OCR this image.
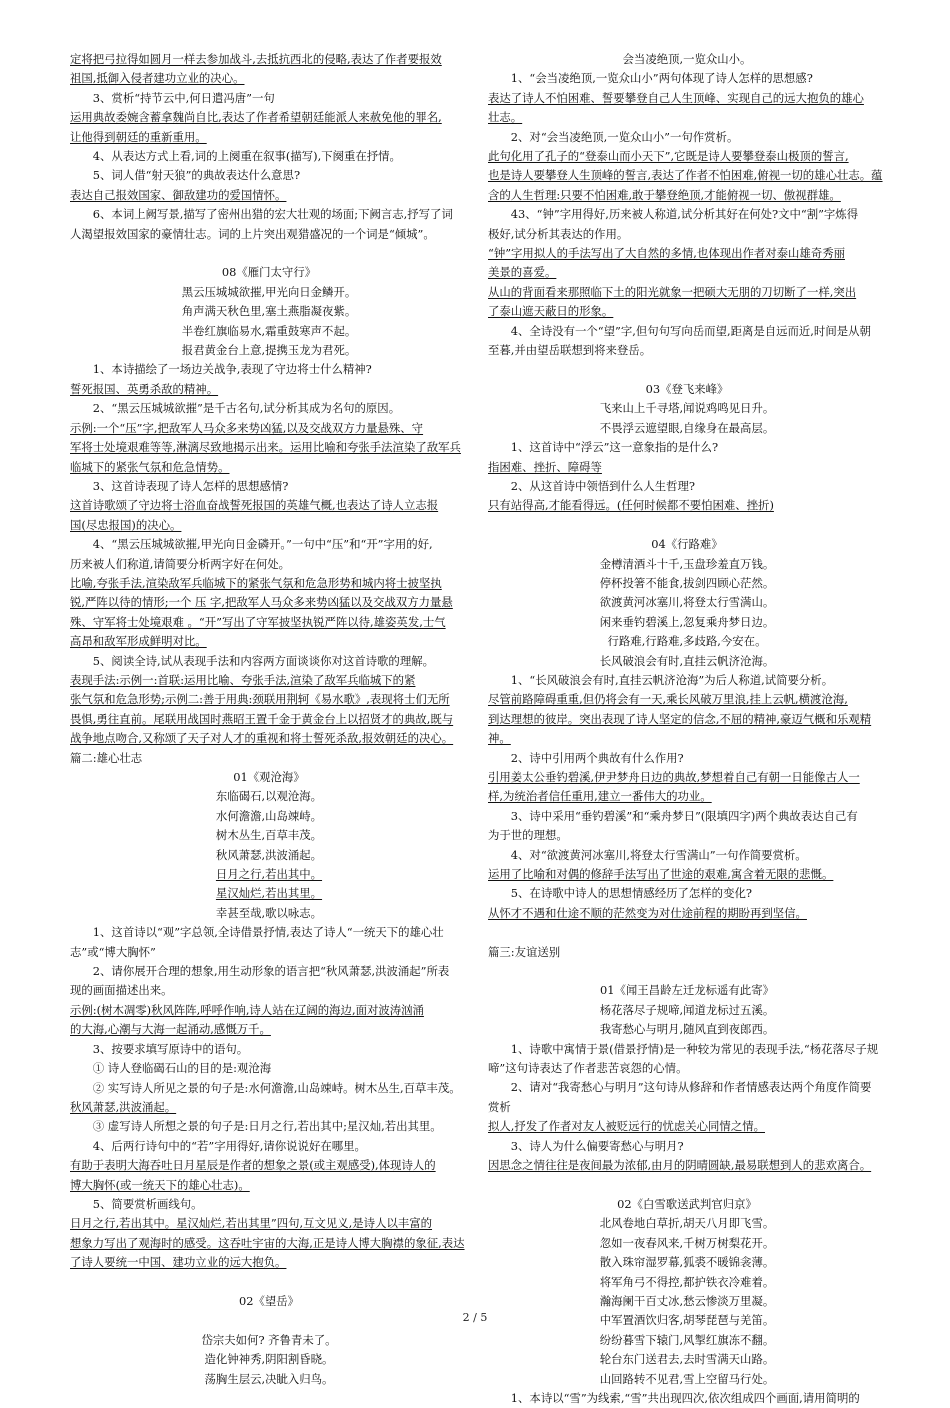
定将把弓拉得如圆月一样去参加战斗,去抵抗西北的侵略,表达了作者要报效

祖国,抵御入侵者建功立业的决心。

3、赏析“持节云中,何日遣冯唐”一句

运用典故委婉含蓄拿魏尚自比,表达了作者希望朝廷能派人来赦免他的罪名,

让他得到朝廷的重新重用。

4、从表达方式上看,词的上阕重在叙事(描写),下阕重在抒情。

5、词人借“射天狼”的典故表达什么意思?

表达自己报效国家、御敌建功的爱国情怀。

6、本词上阙写景,描写了密州出猎的宏大壮观的场面;下阙言志,抒写了词

人渴望报效国家的豪情壮志。词的上片突出观猎盛况的一个词是“倾城”。

08《雁门太守行》

黑云压城城欲摧,甲光向日金鳞开。

角声满天秋色里,塞土燕脂凝夜紫。

半卷红旗临易水,霜重鼓寒声不起。

报君黄金台上意,提携玉龙为君死。

1、本诗描绘了一场边关战争,表现了守边将士什么精神?

誓死报国、英勇杀敌的精神。

2、“黑云压城城欲摧”是千古名句,试分析其成为名句的原因。

示例:一个“压”字,把敌军人马众多来势凶猛,以及交战双方力量悬殊、守

军将士处境艰难等等,淋漓尽致地揭示出来。运用比喻和夸张手法渲染了敌军兵

临城下的紧张气氛和危急情势。

3、这首诗表现了诗人怎样的思想感情?

这首诗歌颂了守边将士浴血奋战誓死报国的英雄气概,也表达了诗人立志报

国(尽忠报国)的决心。

4、“黑云压城城欲摧,甲光向日金磷开。”一句中“压”和“开”字用的好,

历来被人们称道,请简要分析两字好在何处。

比喻,夸张手法,渲染敌军兵临城下的紧张气氛和危急形势和城内将士披坚执

锐,严阵以待的情形;一个 压 字,把敌军人马众多来势凶猛以及交战双方力量悬

殊、守军将士处境艰难 。“开”写出了守军披坚执锐严阵以待,雄姿英发,士气

高昂和敌军形成鲜明对比。

5、阅读全诗,试从表现手法和内容两方面谈谈你对这首诗歌的理解。

表现手法:示例一:首联:运用比喻、夸张手法,渲染了敌军兵临城下的紧

张气氛和危急形势;示例二:善于用典:颈联用荆轲《易水歌》,表现将士们无所

畏惧,勇往直前。尾联用战国时燕昭王置千金于黄金台上以招贤才的典故,既与

战争地点吻合,又称颂了天子对人才的重视和将士誓死杀敌,报效朝廷的决心。

篇二:雄心壮志

01《观沧海》

东临碣石,以观沧海。

水何澹澹,山岛竦峙。

树木丛生,百草丰茂。

秋风萧瑟,洪波涌起。

日月之行,若出其中。

星汉灿烂,若出其里。

幸甚至哉,歌以咏志。

1、这首诗以“观”字总领,全诗借景抒情,表达了诗人“一统天下的雄心壮

志”或“博大胸怀”

2、请你展开合理的想象,用生动形象的语言把“秋风萧瑟,洪波涌起”所表

现的画面描述出来。

示例:(树木凋零)秋风阵阵,呼呼作响,诗人站在辽阔的海边,面对波涛汹涌

的大海,心潮与大海一起涌动,感慨万千。

3、按要求填写原诗中的语句。

① 诗人登临碣石山的目的是:观沧海

② 实写诗人所见之景的句子是:水何澹澹,山岛竦峙。树木丛生,百草丰茂。

秋风萧瑟,洪波涌起。

③ 虚写诗人所想之景的句子是:日月之行,若出其中;星汉灿,若出其里。

4、后两行诗句中的“若”字用得好,请你说说好在哪里。

有助于表明大海吞吐日月星辰是作者的想象之景(或主观感受),体现诗人的

博大胸怀(或一统天下的雄心壮志)。

5、简要赏析画线句。

日月之行,若出其中。星汉灿烂,若出其里”四句,互文见义,是诗人以丰富的

想象力写出了观海时的感受。这吞吐宇宙的大海,正是诗人博大胸襟的象征,表达

了诗人要统一中国、建功立业的远大抱负。

02《望岳》

岱宗夫如何? 齐鲁青未了。

造化钟神秀,阴阳割昏晓。

荡胸生层云,决眦入归鸟。

会当凌绝顶,一览众山小。

1、“会当凌绝顶,一览众山小”两句体现了诗人怎样的思想感?

表达了诗人不怕困难、誓要攀登自己人生顶峰、实现自己的远大抱负的雄心

壮志。

2、对“会当凌绝顶,一览众山小”一句作赏析。

此句化用了孔子的“登泰山而小天下”,它既是诗人要攀登泰山极顶的誓言,

也是诗人要攀登人生顶峰的誓言,表达了作者不怕困难,俯视一切的雄心壮志。蕴

含的人生哲理:只要不怕困难,敢于攀登绝顶,才能俯视一切、傲视群雄。

43、“钟”字用得好,历来被人称道,试分析其好在何处?文中“割”字炼得

极好,试分析其表达的作用。

“钟”字用拟人的手法写出了大自然的多情,也体现出作者对泰山雄奇秀丽

美景的喜爱。

从山的背面看来那照临下土的阳光就象一把硕大无朋的刀切断了一样,突出

了泰山遮天蔽日的形象。

4、全诗没有一个“望”字,但句句写向岳而望,距离是自远而近,时间是从朝

至暮,并由望岳联想到将来登岳。

03《登飞来峰》

飞来山上千寻塔,闻说鸡鸣见日升。

不畏浮云遮望眼,自缘身在最高层。

1、这首诗中“浮云”这一意象指的是什么?

指困难、挫折、障碍等

2、从这首诗中领悟到什么人生哲理?

只有站得高,才能看得远。(任何时候都不要怕困难、挫折)

04《行路难》

金樽清酒斗十千,玉盘珍羞直万钱。

停杯投箸不能食,拔剑四顾心茫然。

欲渡黄河冰塞川,将登太行雪满山。

闲来垂钓碧溪上,忽复乘舟梦日边。

行路难,行路难,多歧路,今安在。

长风破浪会有时,直挂云帆济沧海。

1、“长风破浪会有时,直挂云帆济沧海”为后人称道,试简要分析。

尽管前路障碍重重,但仍将会有一天,乘长风破万里浪,挂上云帆,横渡沧海,

到达理想的彼岸。突出表现了诗人坚定的信念,不屈的精神,豪迈气概和乐观精神。

2、诗中引用两个典故有什么作用?

引用姜太公垂钓碧溪,伊尹梦舟日边的典故,梦想着自己有朝一日能像古人一

样,为统治者信任重用,建立一番伟大的功业。

3、诗中采用“垂钓碧溪”和“乘舟梦日”(限填四字)两个典故表达自己有

为于世的理想。

4、对“欲渡黄河冰塞川,将登太行雪满山”一句作简要赏析。

运用了比喻和对偶的修辞手法写出了世途的艰难,寓含着无限的悲慨。

5、在诗歌中诗人的思想情感经历了怎样的变化?

从怀才不遇和仕途不顺的茫然变为对仕途前程的期盼再到坚信。

篇三:友谊送别

01《闻王昌龄左迁龙标遥有此寄》

杨花落尽子规啼,闻道龙标过五溪。

我寄愁心与明月,随风直到夜郎西。

1、诗歌中寓情于景(借景抒情)是一种较为常见的表现手法,“杨花落尽子规

啼”这句诗表达了作者悲苦哀怨的心情。

2、请对“我寄愁心与明月”这句诗从修辞和作者情感表达两个角度作简要

赏析

拟人,抒发了作者对友人被贬远行的忧虑关心同情之情。

3、诗人为什么偏要寄愁心与明月?

因思念之情往往是夜间最为浓郁,由月的阴晴圆缺,最易联想到人的悲欢离合。

02《白雪歌送武判官归京》

北风卷地白草折,胡天八月即飞雪。

忽如一夜春风来,千树万树梨花开。

散入珠帘湿罗幕,狐裘不暖锦衾薄。

将军角弓不得控,都护铁衣冷难着。

瀚海阑干百丈冰,愁云惨淡万里凝。

中军置酒饮归客,胡琴琵琶与羌笛。

纷纷暮雪下辕门,风掣红旗冻不翻。

轮台东门送君去,去时雪满天山路。

山回路转不见君,雪上空留马行处。

1、本诗以“雪”为线索,“雪”共出现四次,依次组成四个画面,请用简明的

2 / 5
